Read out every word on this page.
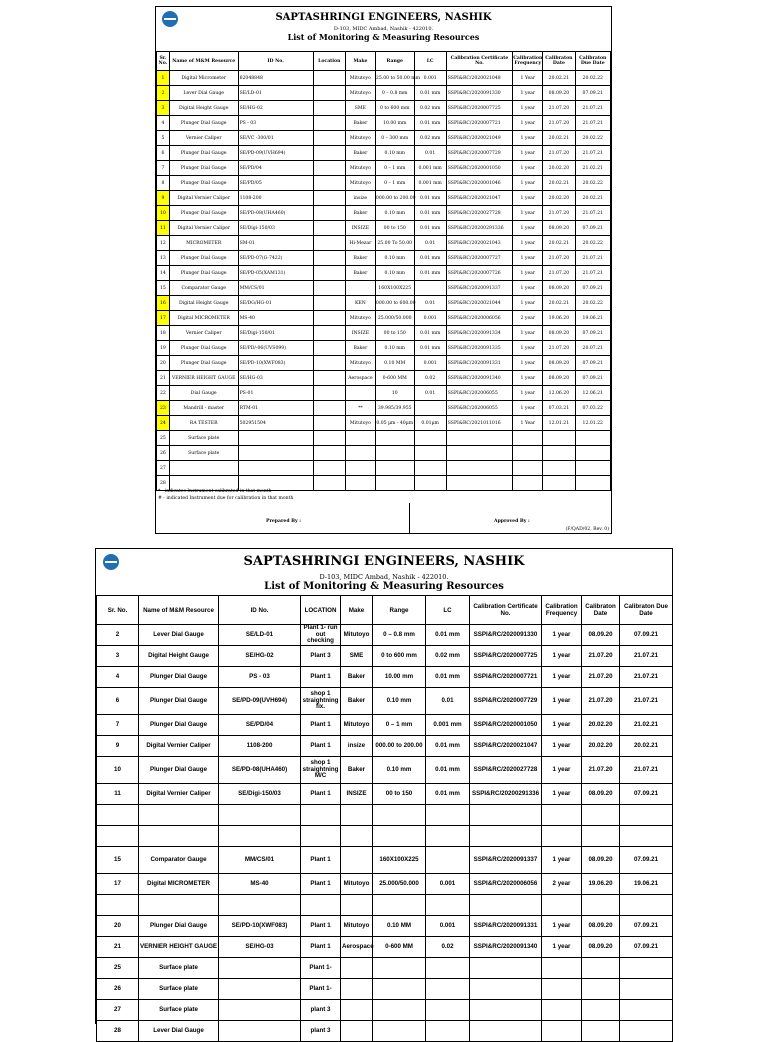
SAPTASHRINGI ENGINEERS, NASHIK
D-103, MIDC Ambad, Nashik - 422010.
List of Monitoring & Measuring Resources
Sr. No.	Name of M&M Resource	ID No.	Location	Make	Range	LC	Calibration Certificate No.	Calibration Frequency	Calibraton Date	Calibraton Due Date
1	Digital Micrometer	62048848		Mitutoyo	25.00 to 50.00 mm	0.001	SSPI&RC/2020021048	1 Year	20.02.21	20.02.22
2	Lever Dial Gauge	SE/LD-01		Mitutoyo	0 – 0.8 mm	0.01 mm	SSPI&RC/2020091330	1 year	08.09.20	07.09.21
3	Digital Height Gauge	SE/HG-02		SME	0 to 600 mm	0.02 mm	SSPI&RC/2020007725	1 year	21.07.20	21.07.21
4	Plunger Dial Gauge	PS - 03		Baker	10.00 mm	0.01 mm	SSPI&RC/2020007721	1 year	21.07.20	21.07.21
5	Vernier Caliper	SE/VC -300/01		Mitutoyo	0 – 300 mm	0.02 mm	SSPI&RC/2020021049	1 year	20.02.21	20.02.22
6	Plunger Dial Gauge	SE/PD-09(UVH694)		Baker	0.10 mm	0.01	SSPI&RC/2020007729	1 year	21.07.20	21.07.21
7	Plunger Dial Gauge	SE/PD/04		Mitutoyo	0 – 1 mm	0.001 mm	SSPI&RC/2020001050	1 year	20.02.20	21.02.21
8	Plunger Dial Gauge	SE/PD/05		Mitutoyo	0 – 1 mm	0.001 mm	SSPI&RC/2020001046	1 year	20.02.21	20.02.22
9	Digital Vernier Caliper	1108-200		insize	000.00 to 200.00	0.01 mm	SSPI&RC/2020021047	1 year	20.02.20	20.02.21
10	Plunger Dial Gauge	SE/PD-08(UHA460)		Baker	0.10 mm	0.01 mm	SSPI&RC/2020027728	1 year	21.07.20	21.07.21
11	Digital Vernier Caliper	SE/Digi-150/03		INSIZE	00 to 150	0.01 mm	SSPI&RC/20200291336	1 year	08.09.20	07.09.21
12	MICROMETER	SM-01		Hi-Mezar	25.00 To 50.00	0.01	SSPI&RC/2020021043	1 year	20.02.21	20.02.22
13	Plunger Dial Gauge	SE/PD-07(G-7422)		Baker	0.10 mm	0.01 mm	SSPI&RC/2020007727	1 year	21.07.20	21.07.21
14	Plunger Dial Gauge	SE/PD-05(XAM131)		Baker	0.10 mm	0.01 mm	SSPI&RC/2020007726	1 year	21.07.20	21.07.21
15	Comparator Gauge	MM/CS/01			160X100X225		SSPI&RC/2020091337	1 year	08.09.20	07.09.21
16	Digital Height Gauge	SE/DG/HG-01		KEN	000.00 to 600.00	0.01	SSPI&RC/2020021044	1 year	20.02.21	20.02.22
17	Digital MICROMETER	MS-40		Mitutoyo	25.000/50.000	0.001	SSPI&RC/2020006056	2 year	19.06.20	19.06.21
18	Vernier Caliper	SE/Digi-150/01		INSIZE	00 to 150	0.01 mm	SSPI&RC/2020091334	1 year	08.09.20	07.09.21
19	Plunger Dial Gauge	SE/PD/-06(UVS099)		Baker	0.10 mm	0.01 mm	SSPI&RC/2020091335	1 year	21.07.20	20.07.21
20	Plunger Dial Gauge	SE/PD-10(XWF083)		Mitutoyo	0.10 MM	0.001	SSPI&RC/2020091331	1 year	08.09.20	07.09.21
21	VERNIER HEIGHT GAUGE	SE/HG-03		Aerospace	0-600 MM	0.02	SSPI&RC/2020091340	1 year	08.09.20	07.09.21
22	Dial Gauge	PS-01			10	0.01	SSPI&RC/202006055	1 year	12.06.20	12.06.21
23	Mandrill - master	RTM-01		**	39.985/39.955		SSPI&RC/202006055	1 year	07.03.21	07.03.22
24	RA TESTER	502951504		Mitutoyo	0.05 µm - 40µm	0.01µm	SSPI&RC/2021011016	1 Year	12.01.21	12.01.22
25	Surface plate									
26	Surface plate									
27										
28										
* - indicates Instrument calibrated in that month
# - indicated Instrument due for calibration in that month
Prepared By :	Approved By :
(F/QAD/02, Rev. 0)
SAPTASHRINGI ENGINEERS, NASHIK
D-103, MIDC Ambad, Nashik - 422010.
List of Monitoring & Measuring Resources
Sr. No.	Name of M&M Resource	ID No.	LOCATION	Make	Range	LC	Calibration Certificate No.	Calibration Frequency	Calibraton Date	Calibraton Due Date
2	Lever Dial Gauge	SE/LD-01	Plant 1- run out checking	Mitutoyo	0 – 0.8 mm	0.01 mm	SSPI&RC/2020091330	1 year	08.09.20	07.09.21
3	Digital Height Gauge	SE/HG-02	Plant 3	SME	0 to 600 mm	0.02 mm	SSPI&RC/2020007725	1 year	21.07.20	21.07.21
4	Plunger Dial Gauge	PS - 03	Plant 1	Baker	10.00 mm	0.01 mm	SSPI&RC/2020007721	1 year	21.07.20	21.07.21
6	Plunger Dial Gauge	SE/PD-09(UVH694)	shop 1 straightning fix.	Baker	0.10 mm	0.01	SSPI&RC/2020007729	1 year	21.07.20	21.07.21
7	Plunger Dial Gauge	SE/PD/04	Plant 1	Mitutoyo	0 – 1 mm	0.001 mm	SSPI&RC/2020001050	1 year	20.02.20	21.02.21
9	Digital Vernier Caliper	1108-200	Plant 1	insize	000.00 to 200.00	0.01 mm	SSPI&RC/2020021047	1 year	20.02.20	20.02.21
10	Plunger Dial Gauge	SE/PD-08(UHA460)	shop 1 straightning M/C	Baker	0.10 mm	0.01 mm	SSPI&RC/2020027728	1 year	21.07.20	21.07.21
11	Digital Vernier Caliper	SE/Digi-150/03	Plant 1	INSIZE	00 to 150	0.01 mm	SSPI&RC/20200291336	1 year	08.09.20	07.09.21

15	Comparator Gauge	MM/CS/01	Plant 1		160X100X225		SSPI&RC/2020091337	1 year	08.09.20	07.09.21
17	Digital MICROMETER	MS-40	Plant 1	Mitutoyo	25.000/50.000	0.001	SSPI&RC/2020006056	2 year	19.06.20	19.06.21

20	Plunger Dial Gauge	SE/PD-10(XWF083)	Plant 1	Mitutoyo	0.10 MM	0.001	SSPI&RC/2020091331	1 year	08.09.20	07.09.21
21	VERNIER HEIGHT GAUGE	SE/HG-03	Plant 1	Aerospace	0-600 MM	0.02	SSPI&RC/2020091340	1 year	08.09.20	07.09.21
25	Surface plate		Plant 1-							
26	Surface plate		Plant 1-							
27	Surface plate		plant 3							
28	Lever Dial Gauge		plant 3							
